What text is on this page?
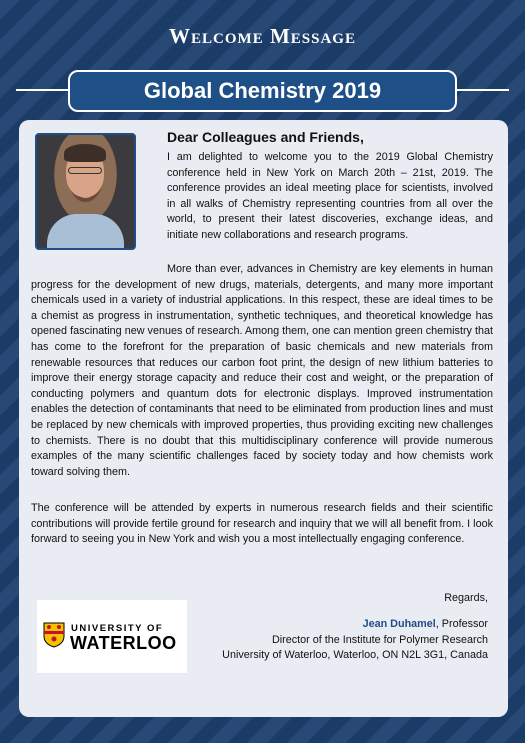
Welcome Message
Global Chemistry 2019
Dear Colleagues and Friends,

I am delighted to welcome you to the 2019 Global Chemistry conference held in New York on March 20th – 21st, 2019. The conference provides an ideal meeting place for scientists, involved in all walks of Chemistry representing countries from all over the world, to present their latest discoveries, exchange ideas, and initiate new collaborations and research programs.

More than ever, advances in Chemistry are key elements in human progress for the development of new drugs, materials, detergents, and many more important chemicals used in a variety of industrial applications. In this respect, these are ideal times to be a chemist as progress in instrumentation, synthetic techniques, and theoretical knowledge has opened fascinating new venues of research. Among them, one can mention green chemistry that has come to the forefront for the preparation of basic chemicals and new materials from renewable resources that reduces our carbon foot print, the design of new lithium batteries to improve their energy storage capacity and reduce their cost and weight, or the preparation of conducting polymers and quantum dots for electronic displays. Improved instrumentation enables the detection of contaminants that need to be eliminated from production lines and must be replaced by new chemicals with improved properties, thus providing exciting new challenges to chemists. There is no doubt that this multidisciplinary conference will provide numerous examples of the many scientific challenges faced by society today and how chemists work toward solving them.

The conference will be attended by experts in numerous research fields and their scientific contributions will provide fertile ground for research and inquiry that we will all benefit from. I look forward to seeing you in New York and wish you a most intellectually engaging conference.

Regards,
Jean Duhamel, Professor
Director of the Institute for Polymer Research
University of Waterloo, Waterloo, ON N2L 3G1, Canada
UNIVERSITY OF
WATERLOO
